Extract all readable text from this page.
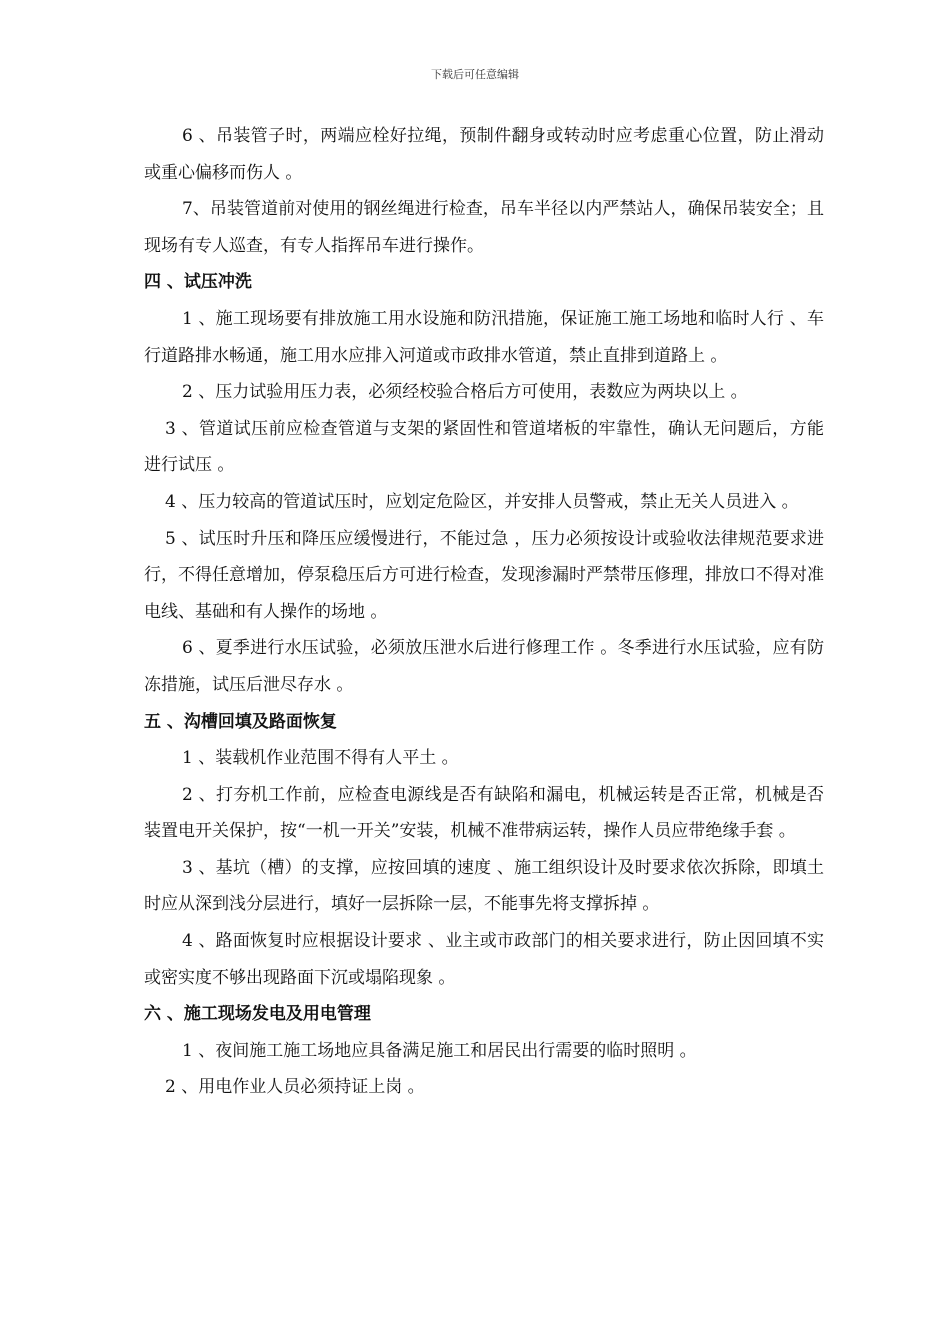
下载后可任意编辑

6 、吊装管子时，两端应栓好拉绳，预制件翻身或转动时应考虑重心位置，防止滑动或重心偏移而伤人 。

7、吊装管道前对使用的钢丝绳进行检查，吊车半径以内严禁站人，确保吊装安全；且现场有专人巡查，有专人指挥吊车进行操作。

四 、试压冲洗

1 、施工现场要有排放施工用水设施和防汛措施，保证施工施工场地和临时人行 、车行道路排水畅通，施工用水应排入河道或市政排水管道，禁止直排到道路上 。

2 、压力试验用压力表，必须经校验合格后方可使用，表数应为两块以上 。

3 、管道试压前应检查管道与支架的紧固性和管道堵板的牢靠性，确认无问题后，方能进行试压 。

4 、压力较高的管道试压时，应划定危险区，并安排人员警戒，禁止无关人员进入 。

5 、试压时升压和降压应缓慢进行，不能过急 ，压力必须按设计或验收法律规范要求进行，不得任意增加，停泵稳压后方可进行检查，发现渗漏时严禁带压修理，排放口不得对准电线、基础和有人操作的场地 。

6 、夏季进行水压试验，必须放压泄水后进行修理工作 。冬季进行水压试验，应有防冻措施，试压后泄尽存水 。

五 、沟槽回填及路面恢复

1 、装载机作业范围不得有人平土 。

2 、打夯机工作前，应检查电源线是否有缺陷和漏电，机械运转是否正常，机械是否装置电开关保护，按“一机一开关”安装，机械不准带病运转，操作人员应带绝缘手套 。

3 、基坑（槽）的支撑，应按回填的速度 、施工组织设计及时要求依次拆除，即填土时应从深到浅分层进行，填好一层拆除一层，不能事先将支撑拆掉 。

4 、路面恢复时应根据设计要求 、业主或市政部门的相关要求进行，防止因回填不实或密实度不够出现路面下沉或塌陷现象 。

六 、施工现场发电及用电管理

1 、夜间施工施工场地应具备满足施工和居民出行需要的临时照明 。

2 、用电作业人员必须持证上岗 。
